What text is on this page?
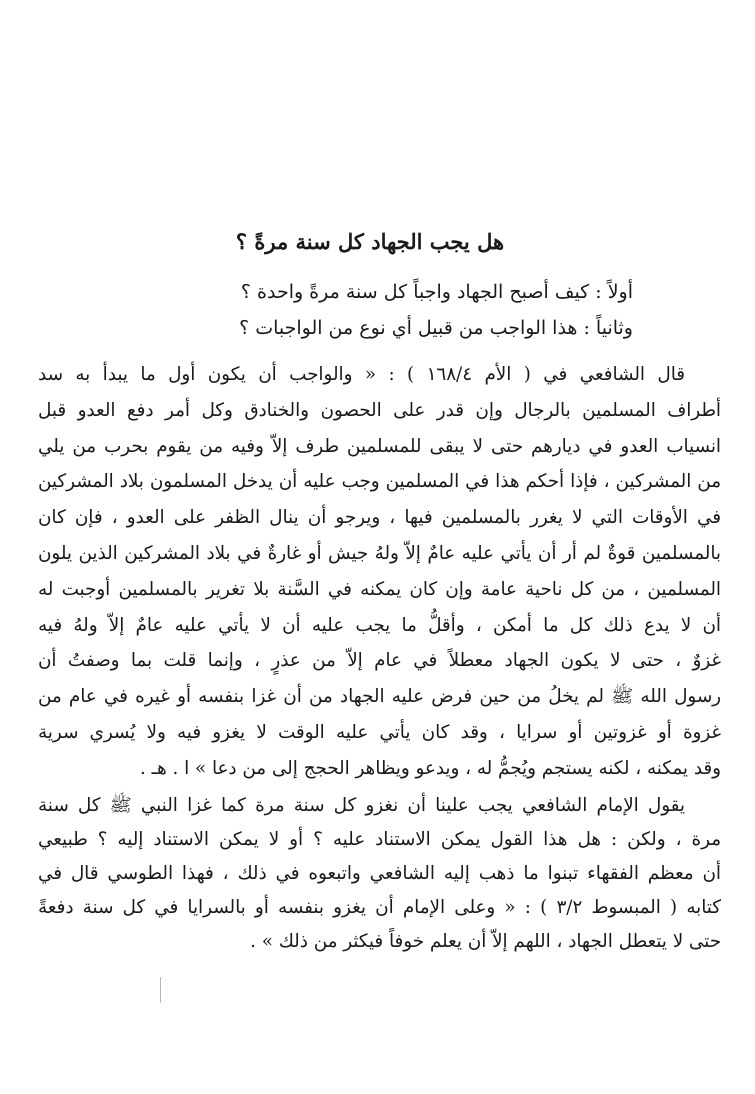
هل يجب الجهاد كل سنة مرةً ؟
أولاً : كيف أصبح الجهاد واجباً كل سنة مرةً واحدة ؟
وثانياً : هذا الواجب من قبيل أي نوع من الواجبات ؟
قال الشافعي في ( الأم ١٦٨/٤ ) : « والواجب أن يكون أول ما يبدأ به سد
أطراف المسلمين بالرجال وإن قدر على الحصون والخنادق وكل أمر دفع العدو قبل
انسياب العدو في ديارهم حتى لا يبقى للمسلمين طرف إلاّ وفيه من يقوم بحرب من يلي
من المشركين ، فإذا أحكم هذا في المسلمين وجب عليه أن يدخل المسلمون بلاد المشركين
في الأوقات التي لا يغرر بالمسلمين فيها ، ويرجو أن ينال الظفر على العدو ، فإن كان
بالمسلمين قوةٌ لم أر أن يأتي عليه عامٌ إلاّ ولهُ جيش أو غارةٌ في بلاد المشركين الذين يلون
المسلمين ، من كل ناحية عامة وإن كان يمكنه في السَّنة بلا تغرير بالمسلمين أوجبت له
أن لا يدع ذلك كل ما أمكن ، وأقلُّ ما يجب عليه أن لا يأتي عليه عامٌ إلاّ ولهُ فيه
غزوٌ ، حتى لا يكون الجهاد معطلاً في عام إلاّ من عذرٍ ، وإنما قلت بما وصفتُ أن
رسول الله ﷺ لم يخلُ من حين فرض عليه الجهاد من أن غزا بنفسه أو غيره في عام من
غزوة أو غزوتين أو سرايا ، وقد كان يأتي عليه الوقت لا يغزو فيه ولا يُسري سرية
وقد يمكنه ، لكنه يستجم ويُجمُّ له ، ويدعو ويظاهر الحجج إلى من دعا » ا . هـ .
يقول الإمام الشافعي يجب علينا أن نغزو كل سنة مرة كما غزا النبي ﷺ كل سنة
مرة ، ولكن : هل هذا القول يمكن الاستناد عليه ؟ أو لا يمكن الاستناد إليه ؟ طبيعي
أن معظم الفقهاء تبنوا ما ذهب إليه الشافعي واتبعوه في ذلك ، فهذا الطوسي قال في
كتابه ( المبسوط ٣/٢ ) : « وعلى الإمام أن يغزو بنفسه أو بالسرايا في كل سنة دفعةً
حتى لا يتعطل الجهاد ، اللهم إلاّ أن يعلم خوفاً فيكثر من ذلك » .
